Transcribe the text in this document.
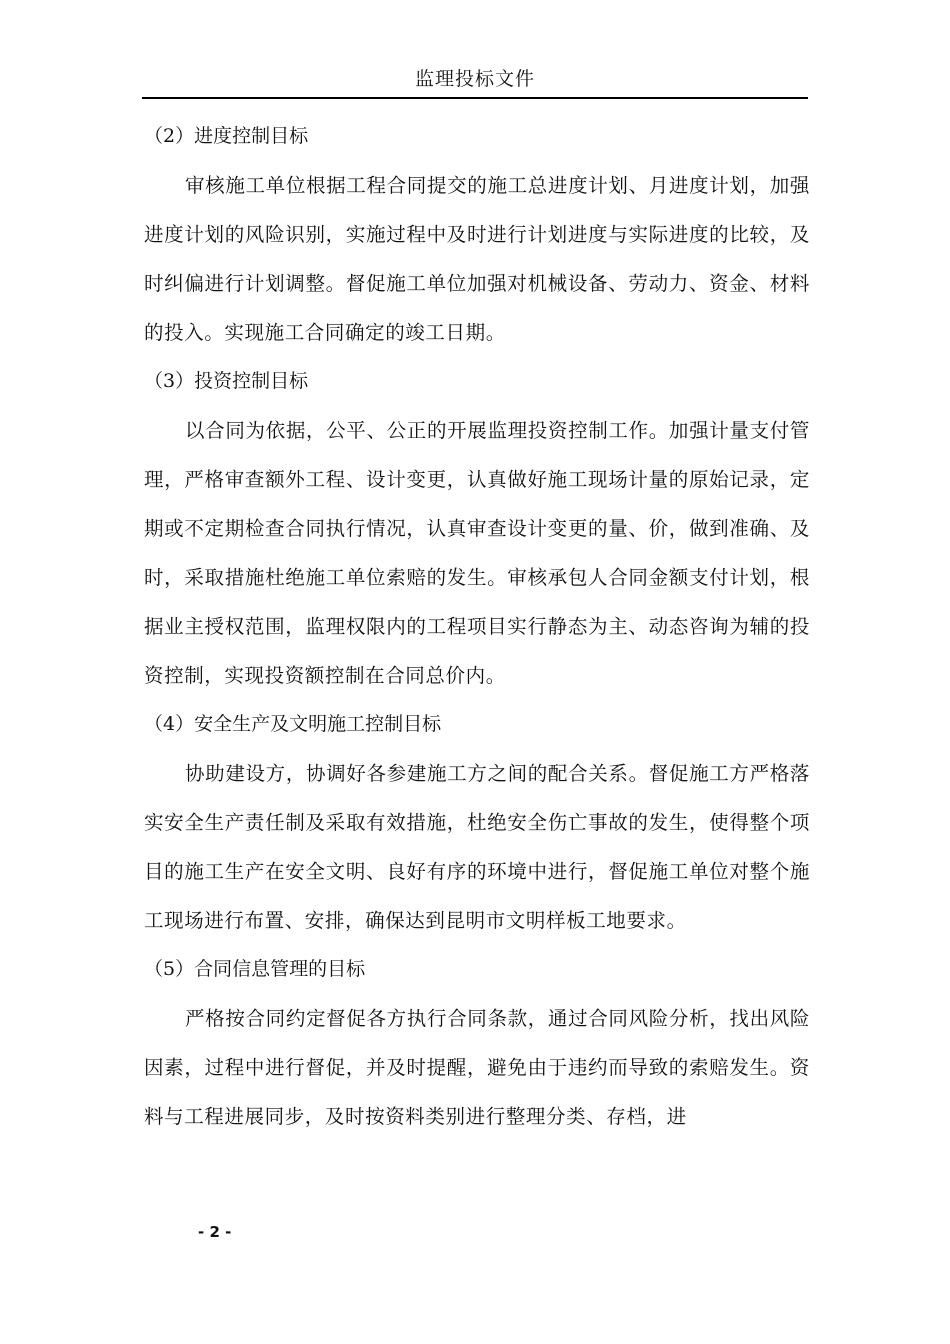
监理投标文件
（2）进度控制目标
审核施工单位根据工程合同提交的施工总进度计划、月进度计划，加强进度计划的风险识别，实施过程中及时进行计划进度与实际进度的比较，及时纠偏进行计划调整。督促施工单位加强对机械设备、劳动力、资金、材料的投入。实现施工合同确定的竣工日期。
（3）投资控制目标
以合同为依据，公平、公正的开展监理投资控制工作。加强计量支付管理，严格审查额外工程、设计变更，认真做好施工现场计量的原始记录，定期或不定期检查合同执行情况，认真审查设计变更的量、价，做到准确、及时，采取措施杜绝施工单位索赔的发生。审核承包人合同金额支付计划，根据业主授权范围，监理权限内的工程项目实行静态为主、动态咨询为辅的投资控制，实现投资额控制在合同总价内。
（4）安全生产及文明施工控制目标
协助建设方，协调好各参建施工方之间的配合关系。督促施工方严格落实安全生产责任制及采取有效措施，杜绝安全伤亡事故的发生，使得整个项目的施工生产在安全文明、良好有序的环境中进行，督促施工单位对整个施工现场进行布置、安排，确保达到昆明市文明样板工地要求。
（5）合同信息管理的目标
严格按合同约定督促各方执行合同条款，通过合同风险分析，找出风险因素，过程中进行督促，并及时提醒，避免由于违约而导致的索赔发生。资料与工程进展同步，及时按资料类别进行整理分类、存档，进
- 2 -
